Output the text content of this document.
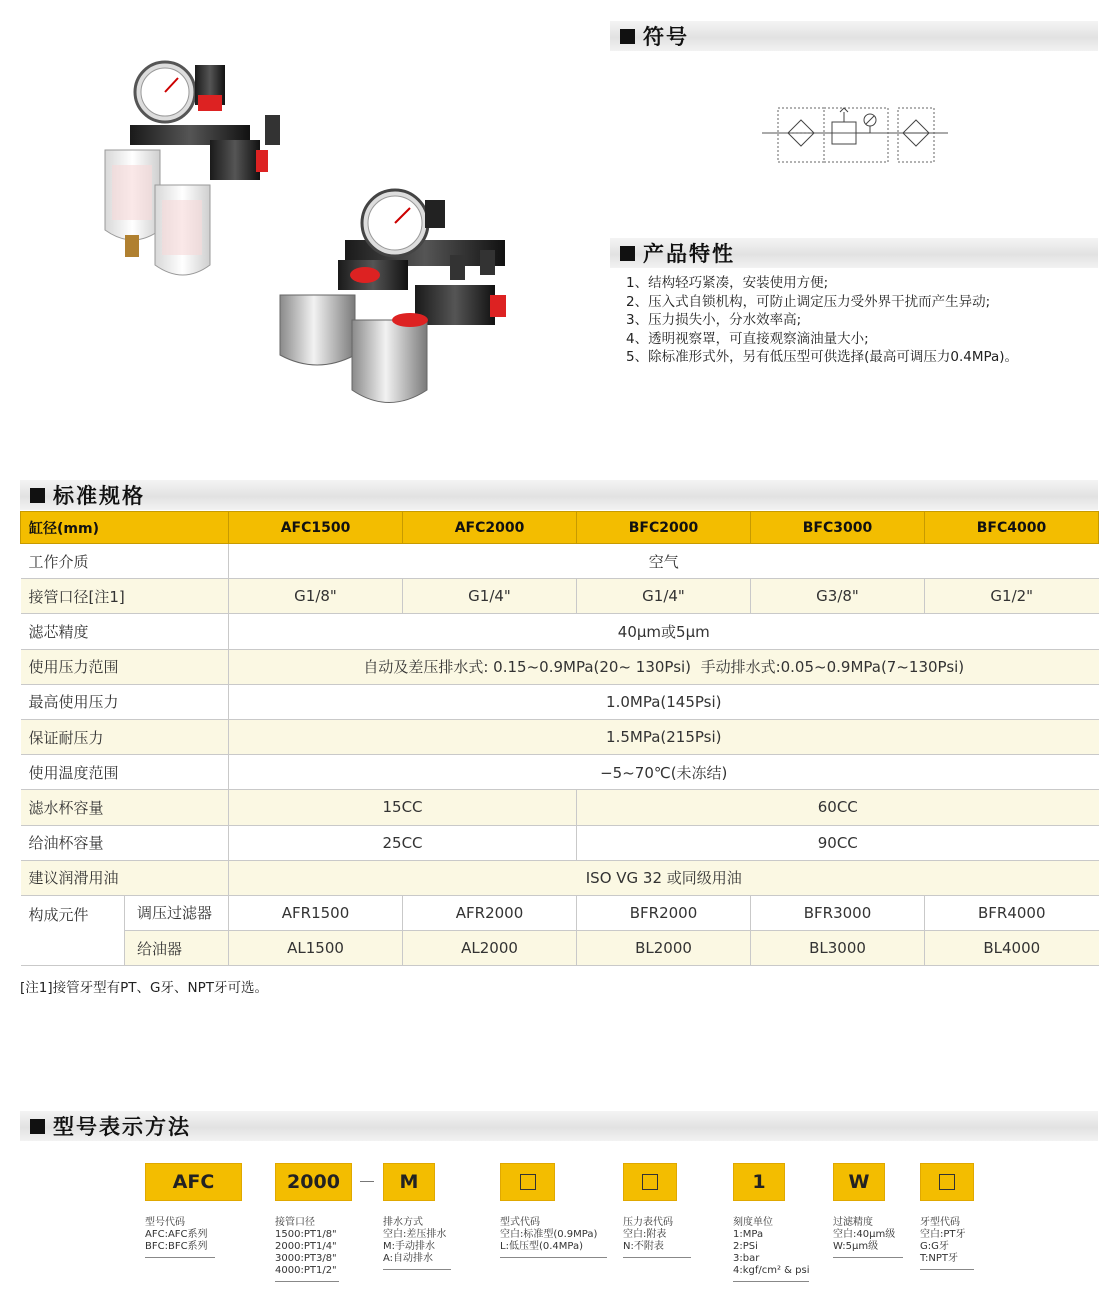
符号
产品特性
1、结构轻巧紧凑，安装使用方便;
2、压入式自锁机构，可防止调定压力受外界干扰而产生异动;
3、压力损失小，分水效率高;
4、透明视察罩，可直接观察滴油量大小;
5、除标准形式外，另有低压型可供选择(最高可调压力0.4MPa)。
标准规格
缸径(mm)		AFC1500	AFC2000	BFC2000	BFC3000	BFC4000
工作介质		空气				
接管口径[注1]		G1/8"	G1/4"	G1/4"	G3/8"	G1/2"
滤芯精度		40μm或5μm				
使用压力范围		自动及差压排水式: 0.15~0.9MPa(20~ 130Psi)  手动排水式:0.05~0.9MPa(7~130Psi)				
最高使用压力		1.0MPa(145Psi)				
保证耐压力		1.5MPa(215Psi)				
使用温度范围		−5~70℃(未冻结)				
滤水杯容量		15CC		60CC		
给油杯容量		25CC		90CC		
建议润滑用油		ISO VG 32 或同级用油				
构成元件	调压过滤器	AFR1500	AFR2000	BFR2000	BFR3000	BFR4000
	给油器	AL1500	AL2000	BL2000	BL3000	BL4000
[注1]接管牙型有PT、G牙、NPT牙可选。
型号表示方法
AFC	2000	M	1	W
型号代码
AFC:AFC系列
BFC:BFC系列
接管口径
1500:PT1/8"
2000:PT1/4"
3000:PT3/8"
4000:PT1/2"
排水方式
空白:差压排水
M:手动排水
A:自动排水
型式代码
空白:标准型(0.9MPa)
L:低压型(0.4MPa)
压力表代码
空白:附表
N:不附表
刻度单位
1:MPa
2:PSi
3:bar
4:kgf/cm² & psi
过滤精度
空白:40μm级
W:5μm级
牙型代码
空白:PT牙
G:G牙
T:NPT牙
